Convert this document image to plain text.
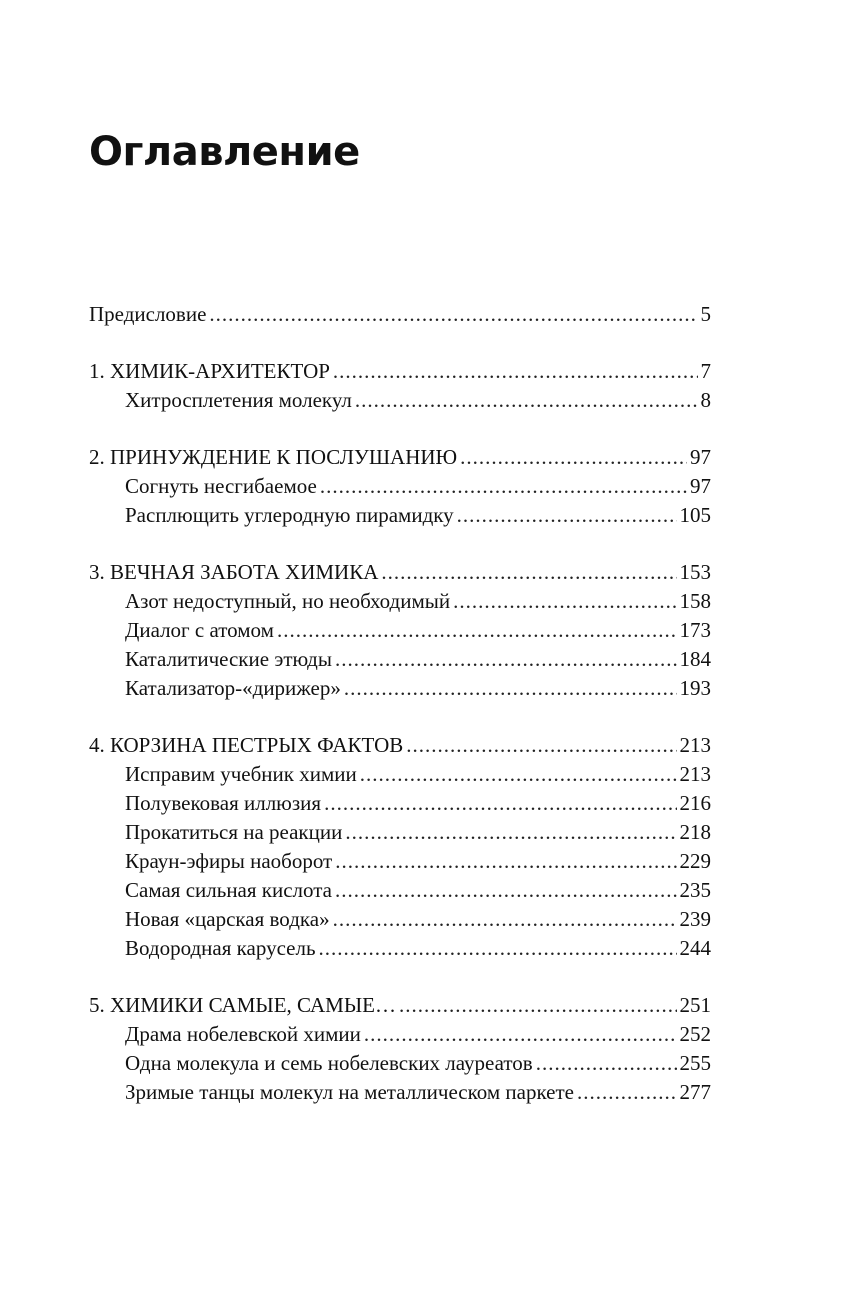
Оглавление
Предисловие .....	5
1. ХИМИК-АРХИТЕКТОР .....	7
Хитросплетения молекул .....	8
2. ПРИНУЖДЕНИЕ К ПОСЛУШАНИЮ .....	97
Согнуть несгибаемое .....	97
Расплющить углеродную пирамидку .....	105
3. ВЕЧНАЯ ЗАБОТА ХИМИКА .....	153
Азот недоступный, но необходимый .....	158
Диалог с атомом .....	173
Каталитические этюды .....	184
Катализатор-«дирижер» .....	193
4. КОРЗИНА ПЕСТРЫХ ФАКТОВ .....	213
Исправим учебник химии .....	213
Полувековая иллюзия .....	216
Прокатиться на реакции .....	218
Краун-эфиры наоборот .....	229
Самая сильная кислота .....	235
Новая «царская водка» .....	239
Водородная карусель .....	244
5. ХИМИКИ САМЫЕ, САМЫЕ… .....	251
Драма нобелевской химии .....	252
Одна молекула и семь нобелевских лауреатов .....	255
Зримые танцы молекул на металлическом паркете .....	277
